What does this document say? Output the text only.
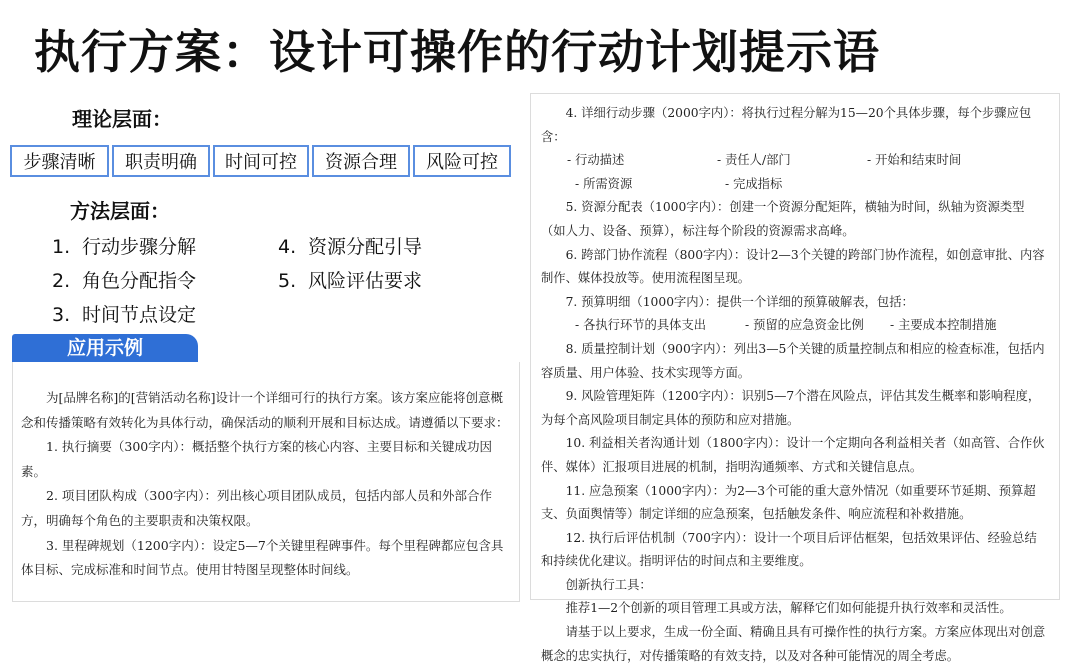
执行方案：设计可操作的行动计划提示语
理论层面：
步骤清晰	职责明确	时间可控	资源合理	风险可控
方法层面：
1. 行动步骤分解
2. 角色分配指令
3. 时间节点设定
4. 资源分配引导
5. 风险评估要求
应用示例

为[品牌名称]的[营销活动名称]设计一个详细可行的执行方案。该方案应能将创意概念和传播策略有效转化为具体行动，确保活动的顺利开展和目标达成。请遵循以下要求：

1. 执行摘要（300字内）：概括整个执行方案的核心内容、主要目标和关键成功因素。

2. 项目团队构成（300字内）：列出核心项目团队成员，包括内部人员和外部合作方，明确每个角色的主要职责和决策权限。

3. 里程碑规划（1200字内）：设定5—7个关键里程碑事件。每个里程碑都应包含具体目标、完成标准和时间节点。使用甘特图呈现整体时间线。

4. 详细行动步骤（2000字内）：将执行过程分解为15—20个具体步骤，每个步骤应包含：

- 行动描述	- 责任人/部门	- 开始和结束时间
- 所需资源	- 完成指标

5. 资源分配表（1000字内）：创建一个资源分配矩阵，横轴为时间，纵轴为资源类型（如人力、设备、预算），标注每个阶段的资源需求高峰。

6. 跨部门协作流程（800字内）：设计2—3个关键的跨部门协作流程，如创意审批、内容制作、媒体投放等。使用流程图呈现。

7. 预算明细（1000字内）：提供一个详细的预算破解表，包括：

- 各执行环节的具体支出	- 预留的应急资金比例	- 主要成本控制措施

8. 质量控制计划（900字内）：列出3—5个关键的质量控制点和相应的检查标准，包括内容质量、用户体验、技术实现等方面。

9. 风险管理矩阵（1200字内）：识别5—7个潜在风险点，评估其发生概率和影响程度，为每个高风险项目制定具体的预防和应对措施。

10. 利益相关者沟通计划（1800字内）：设计一个定期向各利益相关者（如高管、合作伙伴、媒体）汇报项目进展的机制，指明沟通频率、方式和关键信息点。

11. 应急预案（1000字内）：为2—3个可能的重大意外情况（如重要环节延期、预算超支、负面舆情等）制定详细的应急预案，包括触发条件、响应流程和补救措施。

12. 执行后评估机制（700字内）：设计一个项目后评估框架，包括效果评估、经验总结和持续优化建议。指明评估的时间点和主要维度。

创新执行工具：

推荐1—2个创新的项目管理工具或方法，解释它们如何能提升执行效率和灵活性。

请基于以上要求，生成一份全面、精确且具有可操作性的执行方案。方案应体现出对创意概念的忠实执行，对传播策略的有效支持，以及对各种可能情况的周全考虑。
